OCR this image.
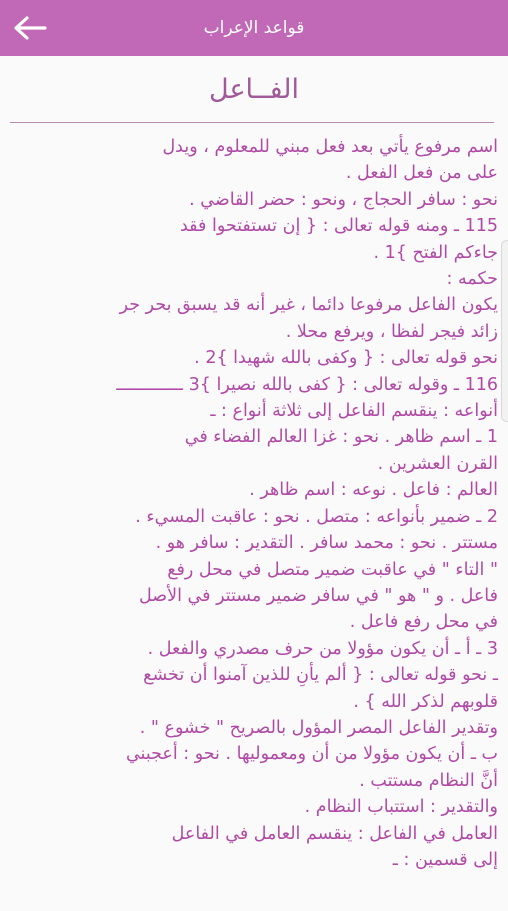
قواعد الإعراب
الفــاعل
اسم مرفوع يأتي بعد فعل مبني للمعلوم ، ويدل
على من فعل الفعل .
نحو : سافر الحجاج ، ونحو : حضر القاضي .
115 ـ ومنه قوله تعالى : { إن تستفتحوا فقد
جاءكم الفتح }1 .
حكمه :
يكون الفاعل مرفوعا دائما ، غير أنه قد يسبق بحر جر
زائد فيجر لفظا ، ويرفع محلا .
نحو قوله تعالى : { وكفى بالله شهيدا }2 .
116 ـ وقوله تعالى : { كفى بالله نصيرا }3 ـــــــــــــ
أنواعه : ينقسم الفاعل إلى ثلاثة أنواع : ـ
1 ـ اسم ظاهر . نحو : غزا العالم الفضاء في
القرن العشرين .
العالم : فاعل . نوعه : اسم ظاهر .
2 ـ ضمير بأنواعه : متصل . نحو : عاقبت المسيء .
مستتر . نحو : محمد سافر . التقدير : سافر هو .
" التاء " في عاقبت ضمير متصل في محل رفع
فاعل . و " هو " في سافر ضمير مستتر في الأصل
في محل رفع فاعل .
3 ـ أ ـ أن يكون مؤولا من حرف مصدري والفعل .
ـ نحو قوله تعالى : { ألم يأنِ للذين آمنوا أن تخشع
قلوبهم لذكر الله } .
وتقدير الفاعل المصر المؤول بالصريح " خشوع " .
ب ـ أن يكون مؤولا من أن ومعموليها . نحو : أعجبني
أنَّ النظام مستتب .
والتقدير : استتباب النظام .
العامل في الفاعل : ينقسم العامل في الفاعل
إلى قسمين : ـ
